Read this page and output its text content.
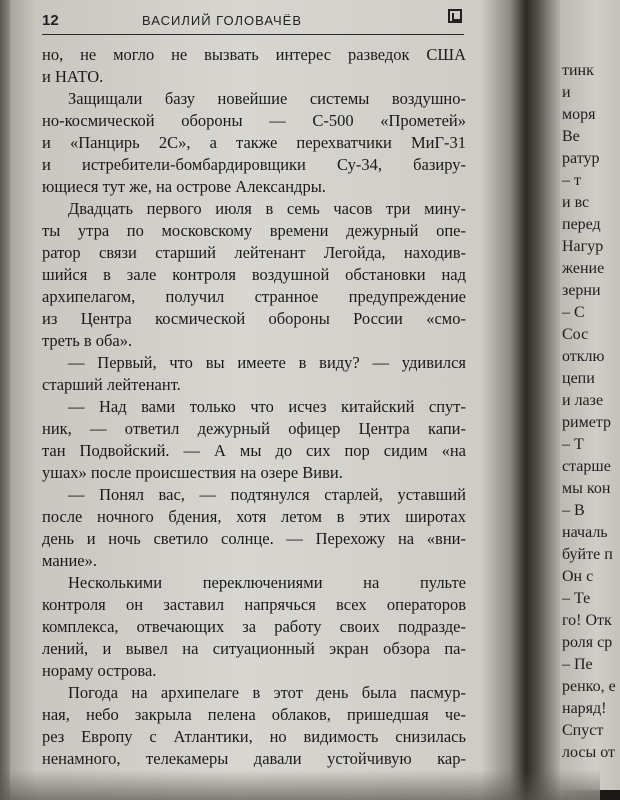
12	ВАСИЛИЙ ГОЛОВАЧЁВ
но, не могло не вызвать интерес разведок США
и НАТО.
Защищали базу новейшие системы воздушно-
но-космической обороны — С-500 «Прометей»
и «Панцирь 2С», а также перехватчики МиГ-31
и истребители-бомбардировщики Су-34, базиру-
ющиеся тут же, на острове Александры.
Двадцать первого июля в семь часов три мину-
ты утра по московскому времени дежурный опе-
ратор связи старший лейтенант Легойда, находив-
шийся в зале контроля воздушной обстановки над
архипелагом, получил странное предупреждение
из Центра космической обороны России «смо-
треть в оба».
— Первый, что вы имеете в виду? — удивился
старший лейтенант.
— Над вами только что исчез китайский спут-
ник, — ответил дежурный офицер Центра капи-
тан Подвойский. — А мы до сих пор сидим «на
ушах» после происшествия на озере Виви.
— Понял вас, — подтянулся старлей, уставший
после ночного бдения, хотя летом в этих широтах
день и ночь светило солнце. — Перехожу на «вни-
мание».
Несколькими переключениями на пульте
контроля он заставил напрячься всех операторов
комплекса, отвечающих за работу своих подразде-
лений, и вывел на ситуационный экран обзора па-
нораму острова.
Погода на архипелаге в этот день была пасмур-
ная, небо закрыла пелена облаков, пришедшая че-
рез Европу с Атлантики, но видимость снизилась
ненамного, телекамеры давали устойчивую кар-
тинк
и
моря
Ве
ратур
– т
и вс
перед
Нагур
жение
зерни
– С
Сос
отклю
цепи
и лазе
риметр
– Т
старше
мы кон
– В
началь
буйте п
Он с
– Те
го! Отк
роля ср
– Пе
ренко, е
наряд!
Спуст
лосы от
